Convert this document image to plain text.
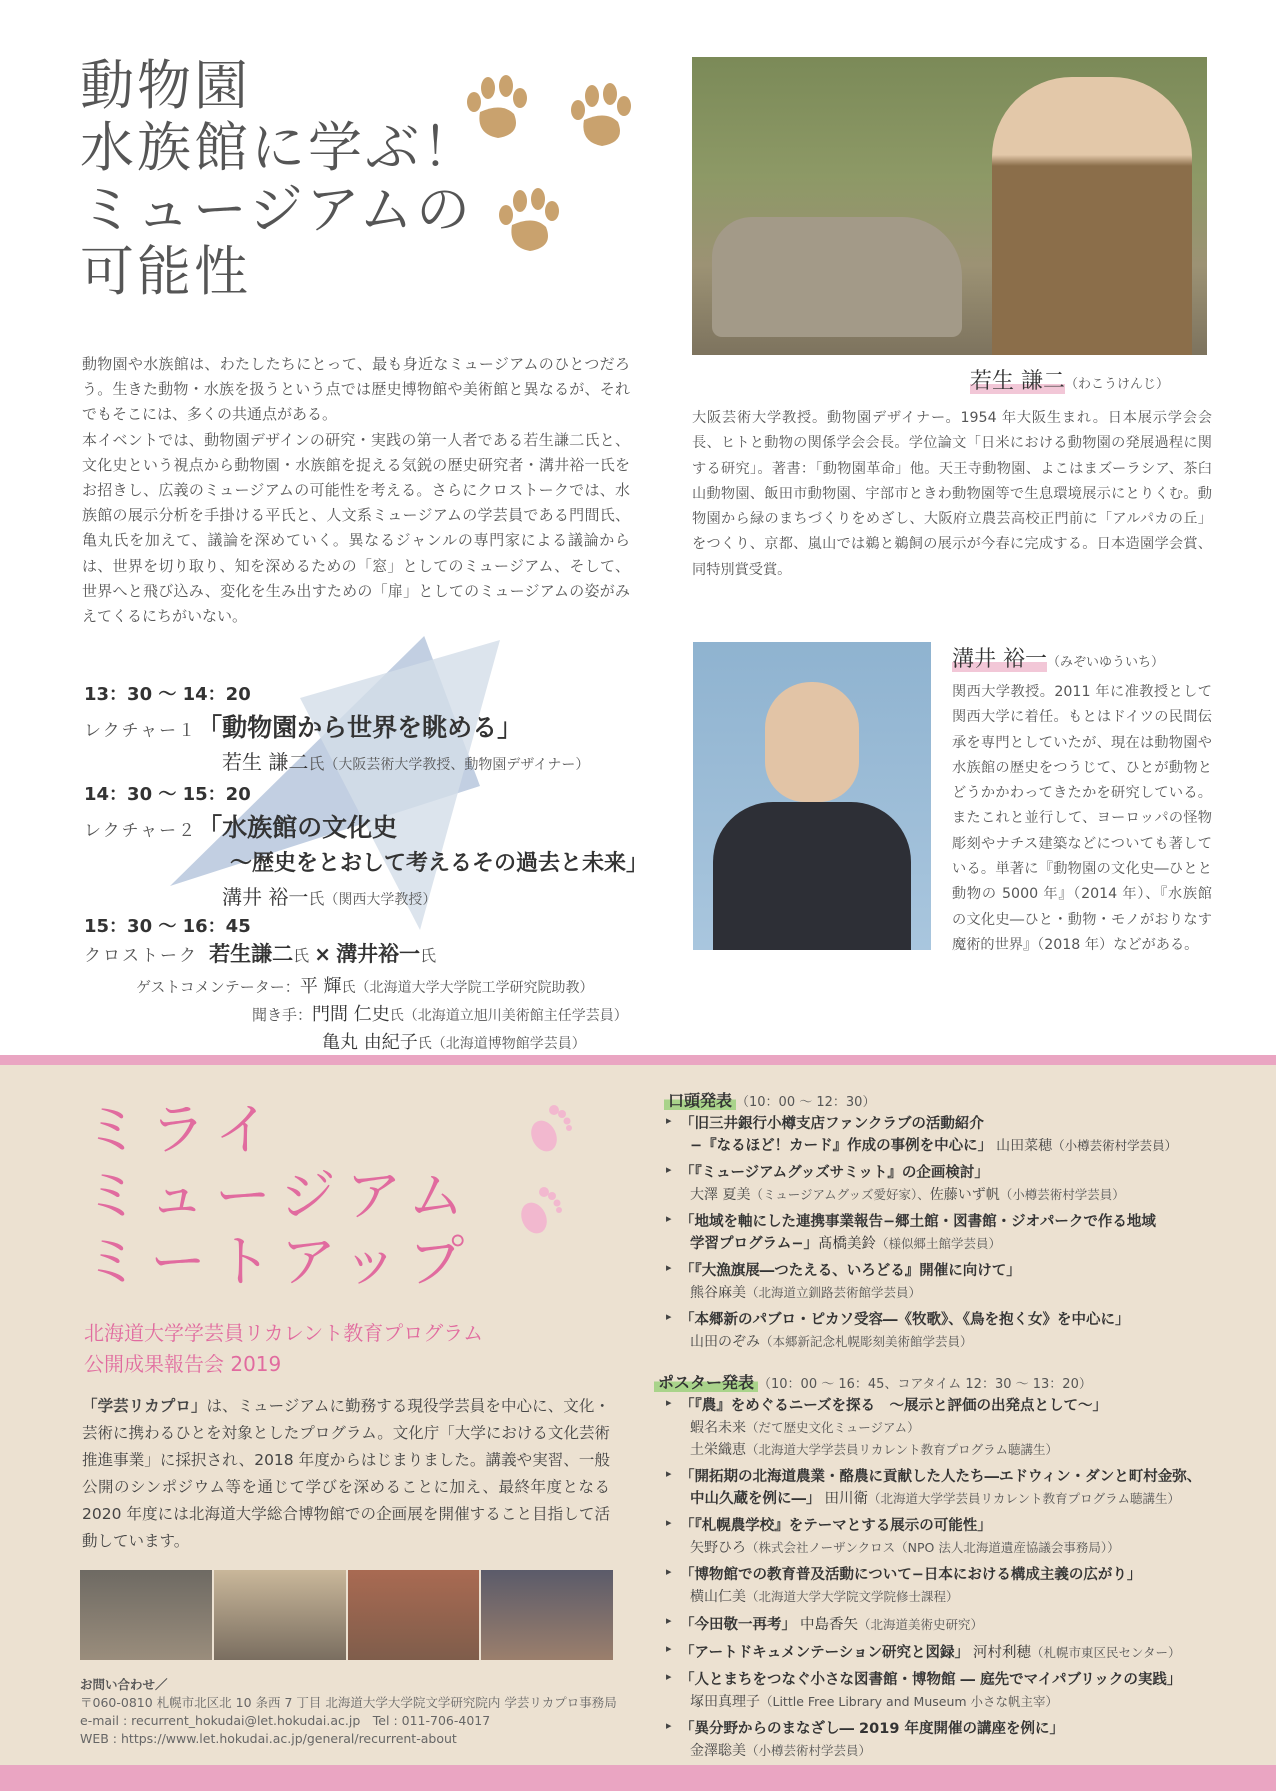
動物園
水族館に学ぶ！
ミュージアムの
可能性

動物園や水族館は、わたしたちにとって、最も身近なミュージアムのひとつだろう。生きた動物・水族を扱うという点では歴史博物館や美術館と異なるが、それでもそこには、多くの共通点がある。

本イベントでは、動物園デザインの研究・実践の第一人者である若生謙二氏と、文化史という視点から動物園・水族館を捉える気鋭の歴史研究者・溝井裕一氏をお招きし、広義のミュージアムの可能性を考える。さらにクロストークでは、水族館の展示分析を手掛ける平氏と、人文系ミュージアムの学芸員である門間氏、亀丸氏を加えて、議論を深めていく。異なるジャンルの専門家による議論からは、世界を切り取り、知を深めるための「窓」としてのミュージアム、そして、世界へと飛び込み、変化を生み出すための「扉」としてのミュージアムの姿がみえてくるにちがいない。

13：30 〜 14：20
レクチャー１「動物園から世界を眺める」
若生 謙二氏（大阪芸術大学教授、動物園デザイナー）
14：30 〜 15：20
レクチャー２「水族館の文化史
〜歴史をとおして考えるその過去と未来」
溝井 裕一氏（関西大学教授）
15：30 〜 16：45
クロストーク 若生謙二氏 × 溝井裕一氏
ゲストコメンテーター：平 輝氏（北海道大学大学院工学研究院助教）
聞き手：門間 仁史氏（北海道立旭川美術館主任学芸員）
亀丸 由紀子氏（北海道博物館学芸員）
若生 謙二（わこうけんじ）

大阪芸術大学教授。動物園デザイナー。1954 年大阪生まれ。日本展示学会会長、ヒトと動物の関係学会会長。学位論文「日米における動物園の発展過程に関する研究」。著書：「動物園革命」他。天王寺動物園、よこはまズーラシア、茶臼山動物園、飯田市動物園、宇部市ときわ動物園等で生息環境展示にとりくむ。動物園から緑のまちづくりをめざし、大阪府立農芸高校正門前に「アルパカの丘」をつくり、京都、嵐山では鵜と鵜飼の展示が今春に完成する。日本造園学会賞、同特別賞受賞。

溝井 裕一（みぞいゆういち）

関西大学教授。2011 年に准教授として関西大学に着任。もとはドイツの民間伝承を専門としていたが、現在は動物園や水族館の歴史をつうじて、ひとが動物とどうかかわってきたかを研究している。またこれと並行して、ヨーロッパの怪物彫刻やナチス建築などについても著している。単著に『動物園の文化史―ひとと動物の 5000 年』（2014 年）、『水族館の文化史―ひと・動物・モノがおりなす魔術的世界』（2018 年）などがある。

ミライ
ミュージアム
ミートアップ
北海道大学学芸員リカレント教育プログラム
公開成果報告会 2019

「学芸リカプロ」は、ミュージアムに勤務する現役学芸員を中心に、文化・芸術に携わるひとを対象としたプログラム。文化庁「大学における文化芸術推進事業」に採択され、2018 年度からはじまりました。講義や実習、一般公開のシンポジウム等を通じて学びを深めることに加え、最終年度となる 2020 年度には北海道大学総合博物館での企画展を開催すること目指して活動しています。

お問い合わせ／
〒060-0810 札幌市北区北 10 条西 7 丁目 北海道大学大学院文学研究院内 学芸リカプロ事務局
e-mail : recurrent_hokudai@let.hokudai.ac.jp　Tel : 011-706-4017
WEB : https://www.let.hokudai.ac.jp/general/recurrent-about
口頭発表 （10：00 〜 12：30）
▸ 「旧三井銀行小樽支店ファンクラブの活動紹介
−『なるほど！カード』作成の事例を中心に」 山田菜穂（小樽芸術村学芸員）
▸ 「『ミュージアムグッズサミット』の企画検討」
大澤 夏美（ミュージアムグッズ愛好家）、佐藤いず帆（小樽芸術村学芸員）
▸ 「地域を軸にした連携事業報告−郷土館・図書館・ジオパークで作る地域
学習プログラム−」髙橋美鈴（様似郷土館学芸員）
▸ 「『大漁旗展―つたえる、いろどる』開催に向けて」
熊谷麻美（北海道立釧路芸術館学芸員）
▸ 「本郷新のパブロ・ピカソ受容―《牧歌》、《鳥を抱く女》を中心に」
山田のぞみ（本郷新記念札幌彫刻美術館学芸員）
ポスター発表 （10：00 〜 16：45、コアタイム 12：30 〜 13：20）
▸ 「『農』をめぐるニーズを探る　〜展示と評価の出発点として〜」
蝦名未来（だて歴史文化ミュージアム）
土栄織恵（北海道大学学芸員リカレント教育プログラム聴講生）
▸ 「開拓期の北海道農業・酪農に貢献した人たち―エドウィン・ダンと町村金弥、
中山久蔵を例に―」 田川衛（北海道大学学芸員リカレント教育プログラム聴講生）
▸ 「『札幌農学校』をテーマとする展示の可能性」
矢野ひろ（株式会社ノーザンクロス（NPO 法人北海道遺産協議会事務局））
▸ 「博物館での教育普及活動について−日本における構成主義の広がり」
横山仁美（北海道大学大学院文学院修士課程）
▸ 「今田敬一再考」 中島香矢（北海道美術史研究）
▸ 「アートドキュメンテーション研究と図録」 河村利穂（札幌市東区民センター）
▸ 「人とまちをつなぐ小さな図書館・博物館 ― 庭先でマイパブリックの実践」
塚田真理子（Little Free Library and Museum 小さな帆主宰）
▸ 「異分野からのまなざし― 2019 年度開催の講座を例に」
金澤聡美（小樽芸術村学芸員）
